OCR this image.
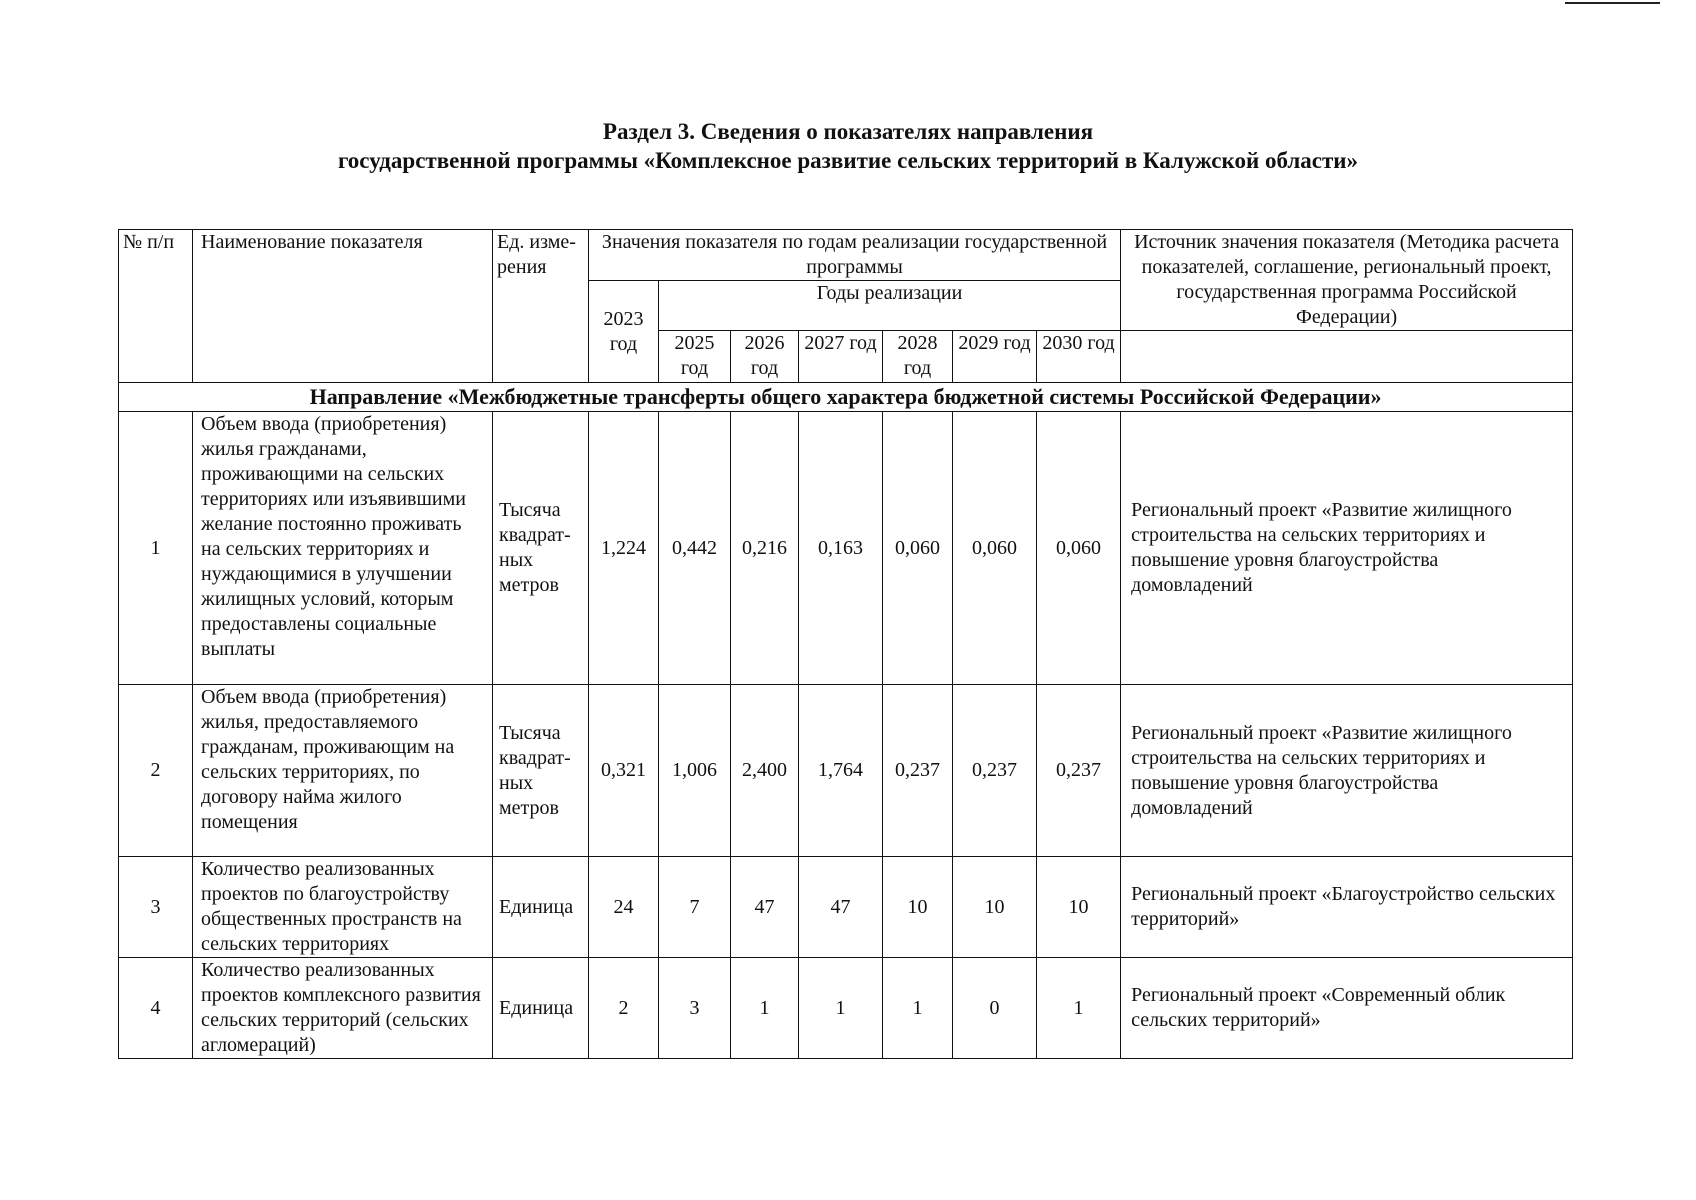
Раздел 3. Сведения о показателях направления
государственной программы «Комплексное развитие сельских территорий в Калужской области»
№ п/п	Наименование показателя	Ед. изме- рения	Значения показателя по годам реализации государственной программы							Источник значения показателя (Методика расчета показателей, соглашение, региональный проект, государственная программа Российской Федерации)
			2023 год	Годы реализации						

				2025 год	2026 год	2027 год	2028 год	2029 год	2030 год	
Направление «Межбюджетные трансферты общего характера бюджетной системы Российской Федерации»										
1	Объем ввода (приобретения) жилья гражданами, проживающими на сельских территориях или изъявившими желание постоянно проживать на сельских территориях и нуждающимися в улучшении жилищных условий, которым предоставлены социальные выплаты	Тысяча квадрат- ных метров	1,224	0,442	0,216	0,163	0,060	0,060	0,060	Региональный проект «Развитие жилищного строительства на сельских территориях и повышение уровня благоустройства домовладений
2	Объем ввода (приобретения) жилья, предоставляемого гражданам, проживающим на сельских территориях, по договору найма жилого помещения	Тысяча квадрат- ных метров	0,321	1,006	2,400	1,764	0,237	0,237	0,237	Региональный проект «Развитие жилищного строительства на сельских территориях и повышение уровня благоустройства домовладений
3	Количество реализованных проектов по благоустройству общественных пространств на сельских территориях	Единица	24	7	47	47	10	10	10	Региональный проект «Благоустройство сельских территорий»
4	Количество реализованных проектов комплексного развития сельских территорий (сельских агломераций)	Единица	2	3	1	1	1	0	1	Региональный проект «Современный облик сельских территорий»
